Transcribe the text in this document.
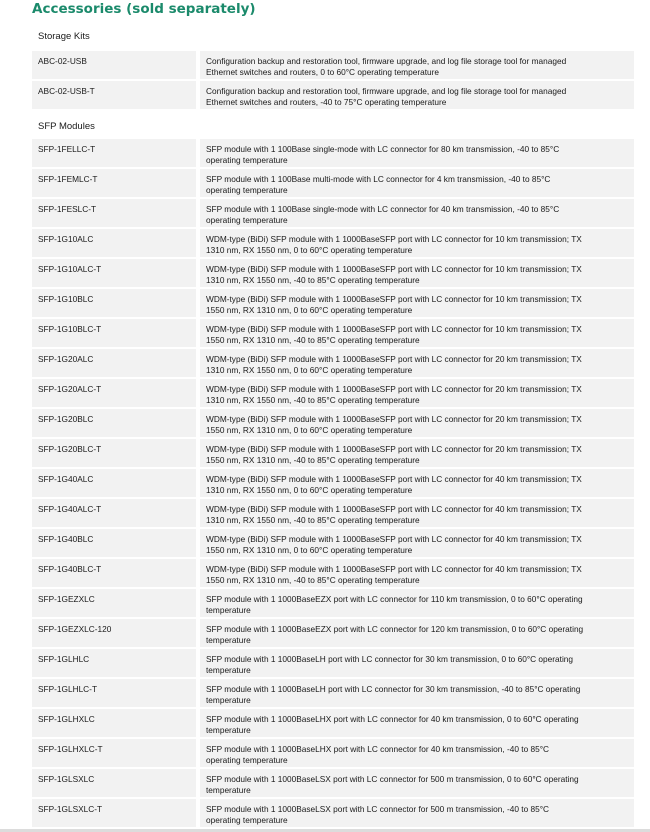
Accessories (sold separately)
Storage Kits
ABC-02-USB	Configuration backup and restoration tool, firmware upgrade, and log file storage tool for managed
Ethernet switches and routers, 0 to 60°C operating temperature
ABC-02-USB-T	Configuration backup and restoration tool, firmware upgrade, and log file storage tool for managed
Ethernet switches and routers, -40 to 75°C operating temperature
SFP Modules
SFP-1FELLC-T	SFP module with 1 100Base single-mode with LC connector for 80 km transmission, -40 to 85°C
operating temperature
SFP-1FEMLC-T	SFP module with 1 100Base multi-mode with LC connector for 4 km transmission, -40 to 85°C
operating temperature
SFP-1FESLC-T	SFP module with 1 100Base single-mode with LC connector for 40 km transmission, -40 to 85°C
operating temperature
SFP-1G10ALC	WDM-type (BiDi) SFP module with 1 1000BaseSFP port with LC connector for 10 km transmission; TX
1310 nm, RX 1550 nm, 0 to 60°C operating temperature
SFP-1G10ALC-T	WDM-type (BiDi) SFP module with 1 1000BaseSFP port with LC connector for 10 km transmission; TX
1310 nm, RX 1550 nm, -40 to 85°C operating temperature
SFP-1G10BLC	WDM-type (BiDi) SFP module with 1 1000BaseSFP port with LC connector for 10 km transmission; TX
1550 nm, RX 1310 nm, 0 to 60°C operating temperature
SFP-1G10BLC-T	WDM-type (BiDi) SFP module with 1 1000BaseSFP port with LC connector for 10 km transmission; TX
1550 nm, RX 1310 nm, -40 to 85°C operating temperature
SFP-1G20ALC	WDM-type (BiDi) SFP module with 1 1000BaseSFP port with LC connector for 20 km transmission; TX
1310 nm, RX 1550 nm, 0 to 60°C operating temperature
SFP-1G20ALC-T	WDM-type (BiDi) SFP module with 1 1000BaseSFP port with LC connector for 20 km transmission; TX
1310 nm, RX 1550 nm, -40 to 85°C operating temperature
SFP-1G20BLC	WDM-type (BiDi) SFP module with 1 1000BaseSFP port with LC connector for 20 km transmission; TX
1550 nm, RX 1310 nm, 0 to 60°C operating temperature
SFP-1G20BLC-T	WDM-type (BiDi) SFP module with 1 1000BaseSFP port with LC connector for 20 km transmission; TX
1550 nm, RX 1310 nm, -40 to 85°C operating temperature
SFP-1G40ALC	WDM-type (BiDi) SFP module with 1 1000BaseSFP port with LC connector for 40 km transmission; TX
1310 nm, RX 1550 nm, 0 to 60°C operating temperature
SFP-1G40ALC-T	WDM-type (BiDi) SFP module with 1 1000BaseSFP port with LC connector for 40 km transmission; TX
1310 nm, RX 1550 nm, -40 to 85°C operating temperature
SFP-1G40BLC	WDM-type (BiDi) SFP module with 1 1000BaseSFP port with LC connector for 40 km transmission; TX
1550 nm, RX 1310 nm, 0 to 60°C operating temperature
SFP-1G40BLC-T	WDM-type (BiDi) SFP module with 1 1000BaseSFP port with LC connector for 40 km transmission; TX
1550 nm, RX 1310 nm, -40 to 85°C operating temperature
SFP-1GEZXLC	SFP module with 1 1000BaseEZX port with LC connector for 110 km transmission, 0 to 60°C operating
temperature
SFP-1GEZXLC-120	SFP module with 1 1000BaseEZX port with LC connector for 120 km transmission, 0 to 60°C operating
temperature
SFP-1GLHLC	SFP module with 1 1000BaseLH port with LC connector for 30 km transmission, 0 to 60°C operating
temperature
SFP-1GLHLC-T	SFP module with 1 1000BaseLH port with LC connector for 30 km transmission, -40 to 85°C operating
temperature
SFP-1GLHXLC	SFP module with 1 1000BaseLHX port with LC connector for 40 km transmission, 0 to 60°C operating
temperature
SFP-1GLHXLC-T	SFP module with 1 1000BaseLHX port with LC connector for 40 km transmission, -40 to 85°C
operating temperature
SFP-1GLSXLC	SFP module with 1 1000BaseLSX port with LC connector for 500 m transmission, 0 to 60°C operating
temperature
SFP-1GLSXLC-T	SFP module with 1 1000BaseLSX port with LC connector for 500 m transmission, -40 to 85°C
operating temperature
